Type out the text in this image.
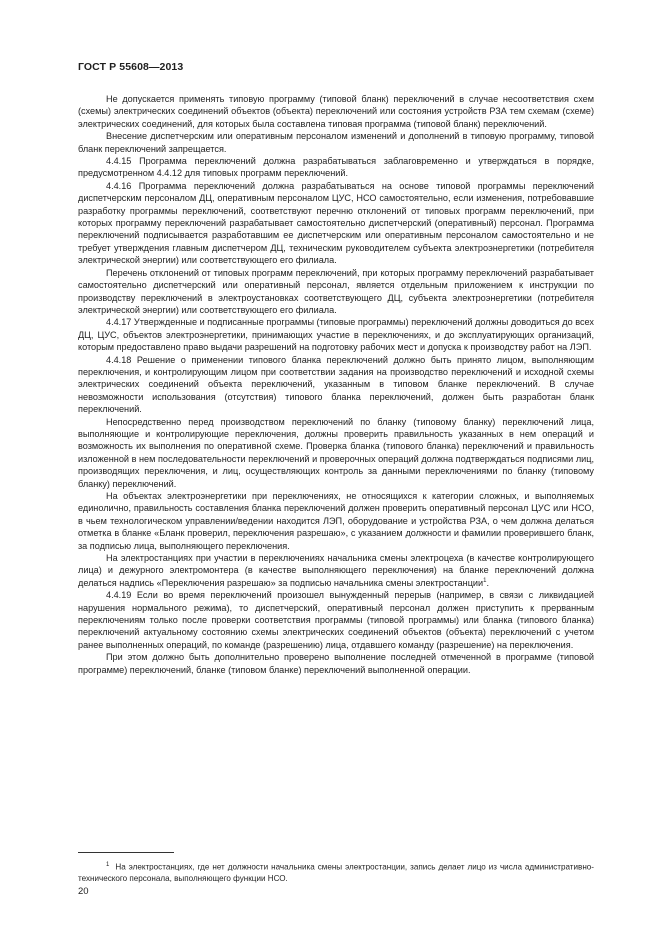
ГОСТ Р 55608—2013

Не допускается применять типовую программу (типовой бланк) переключений в случае несоответствия схем (схемы) электрических соединений объектов (объекта) переключений или состояния устройств РЗА тем схемам (схеме) электрических соединений, для которых была составлена типовая программа (типовой бланк) переключений.

Внесение диспетчерским или оперативным персоналом изменений и дополнений в типовую программу, типовой бланк переключений запрещается.

4.4.15 Программа переключений должна разрабатываться заблаговременно и утверждаться в порядке, предусмотренном 4.4.12 для типовых программ переключений.

4.4.16 Программа переключений должна разрабатываться на основе типовой программы переключений диспетчерским персоналом ДЦ, оперативным персоналом ЦУС, НСО самостоятельно, если изменения, потребовавшие разработку программы переключений, соответствуют перечню отклонений от типовых программ переключений, при которых программу переключений разрабатывает самостоятельно диспетчерский (оперативный) персонал. Программа переключений подписывается разработавшим ее диспетчерским или оперативным персоналом самостоятельно и не требует утверждения главным диспетчером ДЦ, техническим руководителем субъекта электроэнергетики (потребителя электрической энергии) или соответствующего его филиала.

Перечень отклонений от типовых программ переключений, при которых программу переключений разрабатывает самостоятельно диспетчерский или оперативный персонал, является отдельным приложением к инструкции по производству переключений в электроустановках соответствующего ДЦ, субъекта электроэнергетики (потребителя электрической энергии) или соответствующего его филиала.

4.4.17 Утвержденные и подписанные программы (типовые программы) переключений должны доводиться до всех ДЦ, ЦУС, объектов электроэнергетики, принимающих участие в переключениях, и до эксплуатирующих организаций, которым предоставлено право выдачи разрешений на подготовку рабочих мест и допуска к производству работ на ЛЭП.

4.4.18 Решение о применении типового бланка переключений должно быть принято лицом, выполняющим переключения, и контролирующим лицом при соответствии задания на производство переключений и исходной схемы электрических соединений объекта переключений, указанным в типовом бланке переключений. В случае невозможности использования (отсутствия) типового бланка переключений, должен быть разработан бланк переключений.

Непосредственно перед производством переключений по бланку (типовому бланку) переключений лица, выполняющие и контролирующие переключения, должны проверить правильность указанных в нем операций и возможность их выполнения по оперативной схеме. Проверка бланка (типового бланка) переключений и правильность изложенной в нем последовательности переключений и проверочных операций должна подтверждаться подписями лиц, производящих переключения, и лиц, осуществляющих контроль за данными переключениями по бланку (типовому бланку) переключений.

На объектах электроэнергетики при переключениях, не относящихся к категории сложных, и выполняемых единолично, правильность составления бланка переключений должен проверить оперативный персонал ЦУС или НСО, в чьем технологическом управлении/ведении находится ЛЭП, оборудование и устройства РЗА, о чем должна делаться отметка в бланке «Бланк проверил, переключения разрешаю», с указанием должности и фамилии проверившего бланк, за подписью лица, выполняющего переключения.

На электростанциях при участии в переключениях начальника смены электроцеха (в качестве контролирующего лица) и дежурного электромонтера (в качестве выполняющего переключения) на бланке переключений должна делаться надпись «Переключения разрешаю» за подписью начальника смены электростанции$^1$.

4.4.19 Если во время переключений произошел вынужденный перерыв (например, в связи с ликвидацией нарушения нормального режима), то диспетчерский, оперативный персонал должен приступить к прерванным переключениям только после проверки соответствия программы (типовой программы) или бланка (типового бланка) переключений актуальному состоянию схемы электрических соединений объектов (объекта) переключений с учетом ранее выполненных операций, по команде (разрешению) лица, отдавшего команду (разрешение) на переключения.

При этом должно быть дополнительно проверено выполнение последней отмеченной в программе (типовой программе) переключений, бланке (типовом бланке) переключений выполненной операции.

$^1$ На электростанциях, где нет должности начальника смены электростанции, запись делает лицо из числа административно-технического персонала, выполняющего функции НСО.
20
